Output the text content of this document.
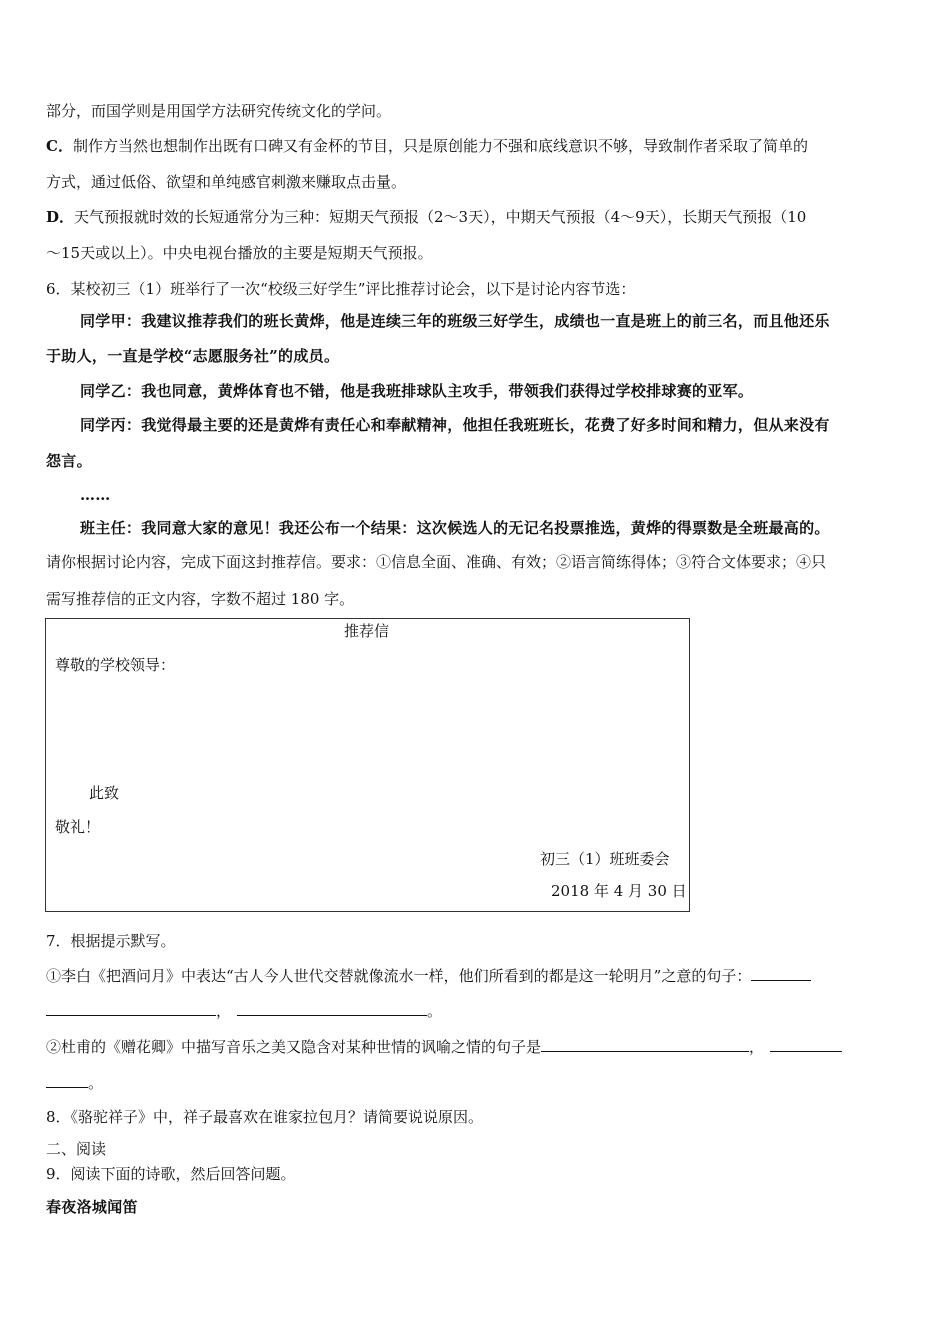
部分，而国学则是用国学方法研究传统文化的学问。
C．制作方当然也想制作出既有口碑又有金杯的节目，只是原创能力不强和底线意识不够，导致制作者采取了简单的
方式，通过低俗、欲望和单纯感官刺激来赚取点击量。
D．天气预报就时效的长短通常分为三种：短期天气预报（2～3天），中期天气预报（4～9天），长期天气预报（10
～15天或以上）。中央电视台播放的主要是短期天气预报。
6．某校初三（1）班举行了一次“校级三好学生”评比推荐讨论会，以下是讨论内容节选：
同学甲：我建议推荐我们的班长黄烨，他是连续三年的班级三好学生，成绩也一直是班上的前三名，而且他还乐
于助人，一直是学校“志愿服务社”的成员。
同学乙：我也同意，黄烨体育也不错，他是我班排球队主攻手，带领我们获得过学校排球赛的亚军。
同学丙：我觉得最主要的还是黄烨有责任心和奉献精神，他担任我班班长，花费了好多时间和精力，但从来没有
怨言。
……
班主任：我同意大家的意见！我还公布一个结果：这次候选人的无记名投票推选，黄烨的得票数是全班最高的。
请你根据讨论内容，完成下面这封推荐信。要求：①信息全面、准确、有效；②语言简练得体；③符合文体要求；④只
需写推荐信的正文内容，字数不超过 180 字。
推荐信
尊敬的学校领导：
此致
敬礼！
初三（1）班班委会
2018 年 4 月 30 日
7．根据提示默写。
①李白《把酒问月》中表达“古人今人世代交替就像流水一样，他们所看到的都是这一轮明月”之意的句子：
，	。
②杜甫的《赠花卿》中描写音乐之美又隐含对某种世情的讽喻之情的句子是	，
。
8．《骆驼祥子》中，祥子最喜欢在谁家拉包月？请简要说说原因。
二、阅读
9．阅读下面的诗歌，然后回答问题。
春夜洛城闻笛
